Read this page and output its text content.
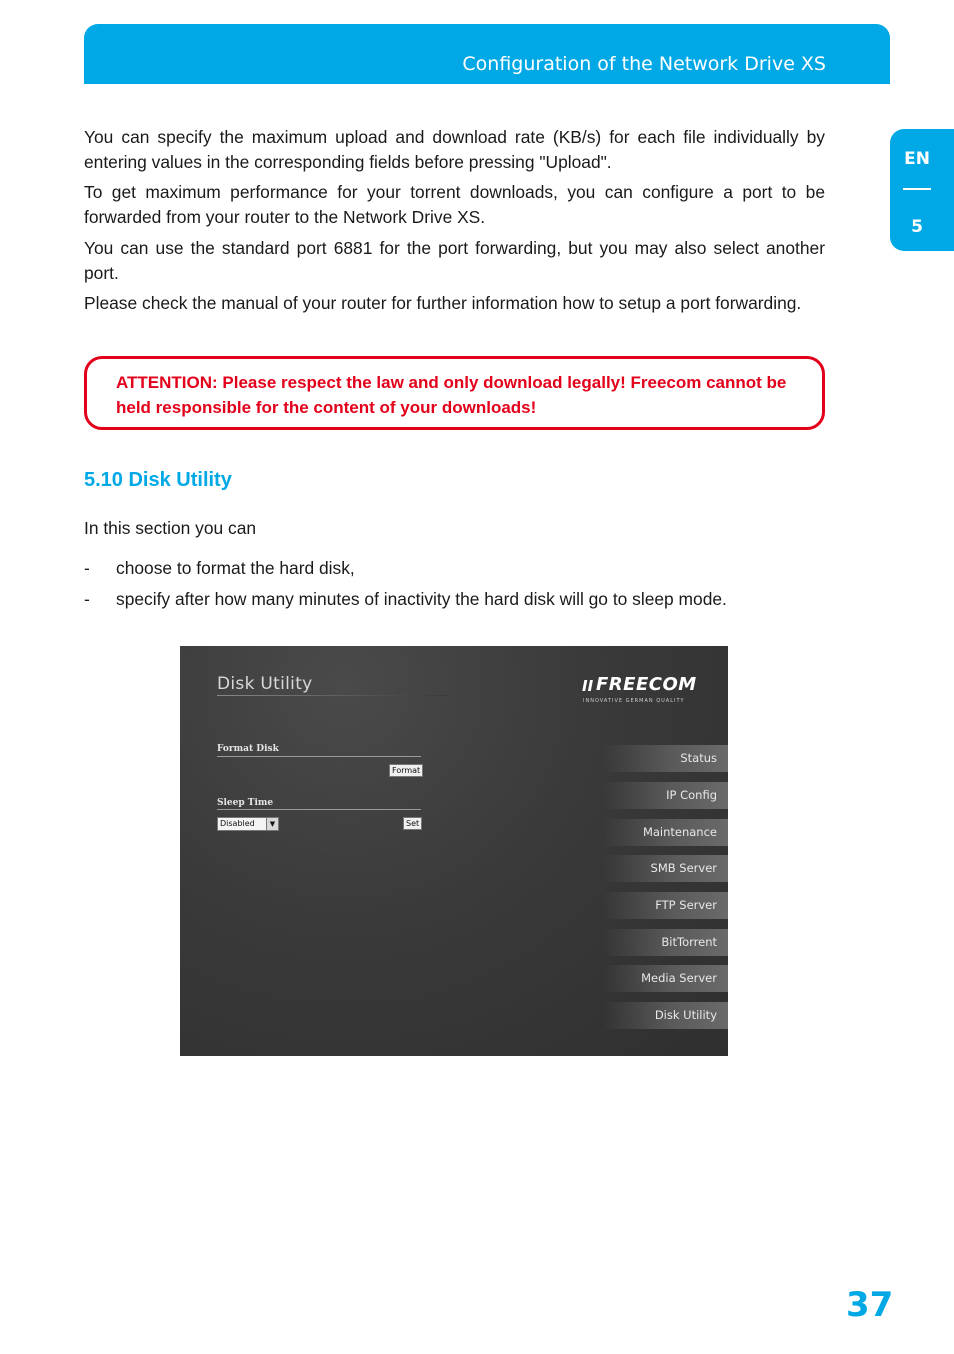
Configuration of the Network Drive XS
EN
5

You can specify the maximum upload and download rate (KB/s) for each file individually by entering values in the corresponding fields before pressing "Upload".

To get maximum performance for your torrent downloads, you can configure a port to be forwarded from your router to the Network Drive XS.

You can use the standard port 6881 for the port forwarding, but you may also select another port.

Please check the manual of your router for further information how to setup a port forwarding.

ATTENTION: Please respect the law and only download legally! Freecom cannot be held responsible for the content of your downloads!

5.10 Disk Utility
In this section you can
- choose to format the hard disk,
- specify after how many minutes of inactivity the hard disk will go to sleep mode.
Disk Utility	II FREECOM
INNOVATIVE GERMAN QUALITY
Format Disk
Format
Sleep Time
Disabled	▼	Set
Status
IP Config
Maintenance
SMB Server
FTP Server
BitTorrent
Media Server
Disk Utility
37
